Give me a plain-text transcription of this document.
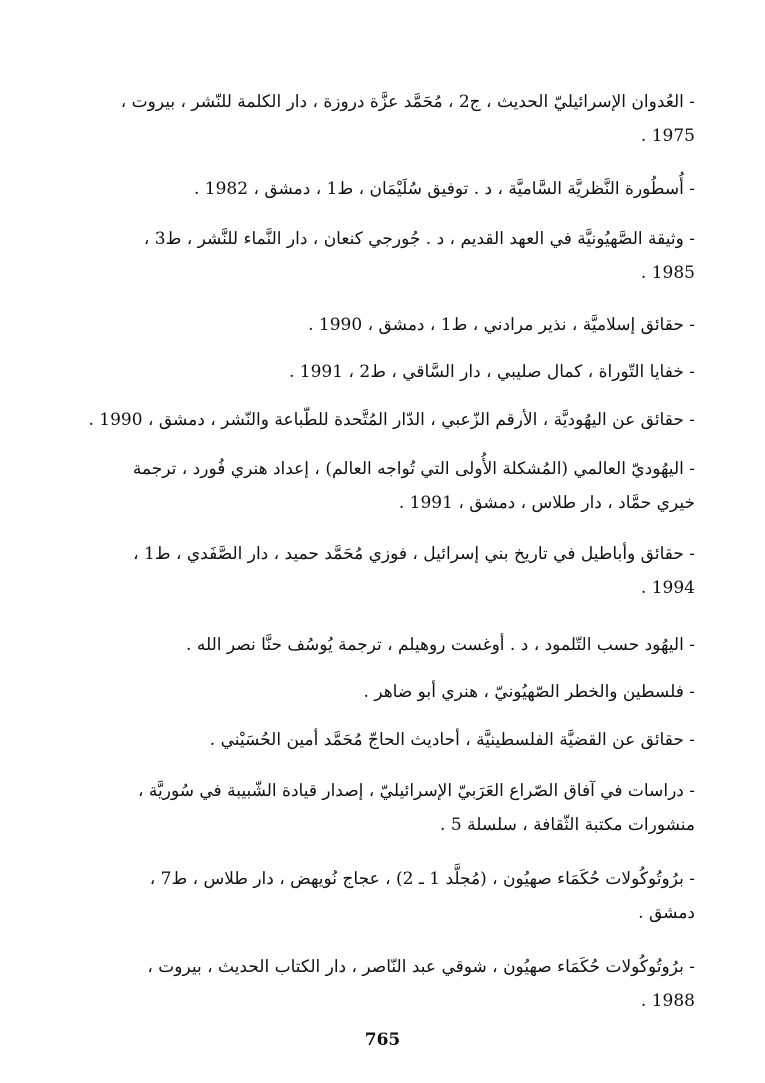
- العُدوان الإسرائيليّ الحديث ، ج2 ، مُحَمَّد عزَّة دروزة ، دار الكلمة للنّشر ، بيروت ،
1975 .

- أُسطُورة النَّظريَّة السَّاميَّة ، د . توفيق سُلَيْمَان ، ط1 ، دمشق ، 1982 .

- وثيقة الصَّهيُونيَّة في العهد القديم ، د . جُورجي كنعان ، دار النَّماء للنَّشر ، ط3 ،
1985 .

- حقائق إسلاميَّة ، نذير مرادني ، ط1 ، دمشق ، 1990 .

- خفايا التّوراة ، كمال صليبي ، دار السَّاقي ، ط2 ، 1991 .

- حقائق عن اليهُوديَّة ، الأرقم الزّعبي ، الدّار المُتَّحدة للطّباعة والنّشر ، دمشق ، 1990 .

- اليهُوديّ العالمي (المُشكلة الأُولى التي تُواجه العالم) ، إعداد هنري فُورد ، ترجمة
خيري حمَّاد ، دار طلاس ، دمشق ، 1991 .

- حقائق وأباطيل في تاريخ بني إسرائيل ، فوزي مُحَمَّد حميد ، دار الصَّفَدي ، ط1 ،
1994 .

- اليهُود حسب التّلمود ، د . أوغست روهيلم ، ترجمة يُوسُف حنَّا نصر الله .

- فلسطين والخطر الصّهيُونيّ ، هنري أبو ضاهر .

- حقائق عن القضيَّة الفلسطينيَّة ، أحاديث الحاجّ مُحَمَّد أمين الحُسَيْني .

- دراسات في آفاق الصّراع العَرَبيّ الإسرائيليّ ، إصدار قيادة الشّبيبة في سُوريَّة ،
منشورات مكتبة الثّقافة ، سلسلة 5 .

- برُوتُوكُولات حُكَمَاء صهيُون ، (مُجلَّد 1 ـ 2) ، عجاج نُويهض ، دار طلاس ، ط7 ،
دمشق .

- برُوتُوكُولات حُكَمَاء صهيُون ، شوقي عبد النّاصر ، دار الكتاب الحديث ، بيروت ،
1988 .

765
